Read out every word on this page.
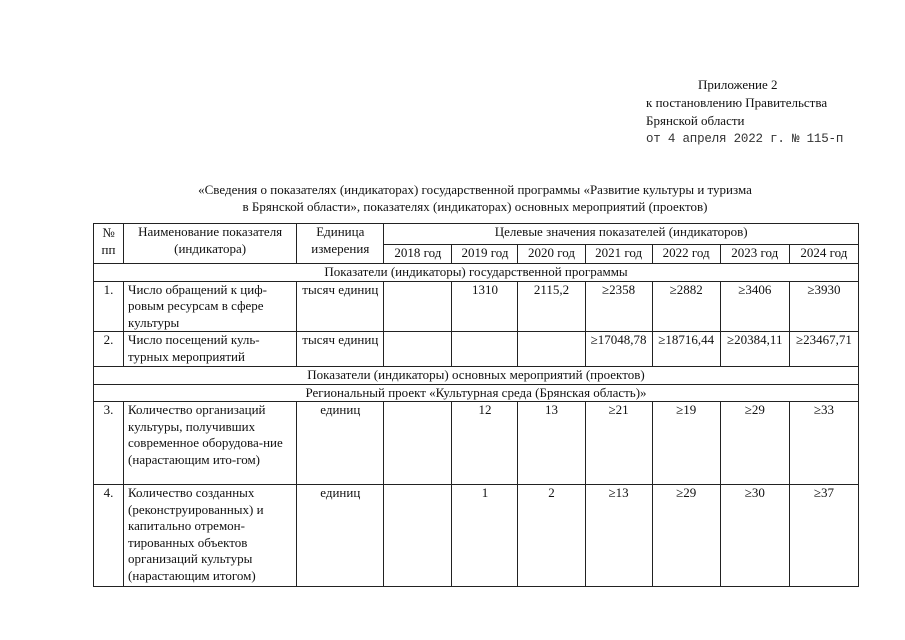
Приложение 2
к постановлению Правительства
Брянской области
от 4 апреля 2022 г. № 115-п
«Сведения о показателях (индикаторах) государственной программы «Развитие культуры и туризма
в Брянской области», показателях (индикаторах) основных мероприятий (проектов)
№ пп	Наименование показателя (индикатора)	Единица измерения	Целевые значения показателей (индикаторов)						
			2018 год	2019 год	2020 год	2021 год	2022 год	2023 год	2024 год
Показатели (индикаторы) государственной программы									
1.	Число обращений к циф-ровым ресурсам в сфере культуры	тысяч единиц		1310	2115,2	≥2358	≥2882	≥3406	≥3930
2.	Число посещений куль-турных мероприятий	тысяч единиц				≥17048,78	≥18716,44	≥20384,11	≥23467,71
Показатели (индикаторы) основных мероприятий (проектов)									
Региональный проект «Культурная среда (Брянская область)»									
3.	Количество организаций культуры, получивших современное оборудова-ние (нарастающим ито-гом)	единиц		12	13	≥21	≥19	≥29	≥33
4.	Количество созданных (реконструированных) и капитально отремон-тированных объектов организаций культуры (нарастающим итогом)	единиц		1	2	≥13	≥29	≥30	≥37
